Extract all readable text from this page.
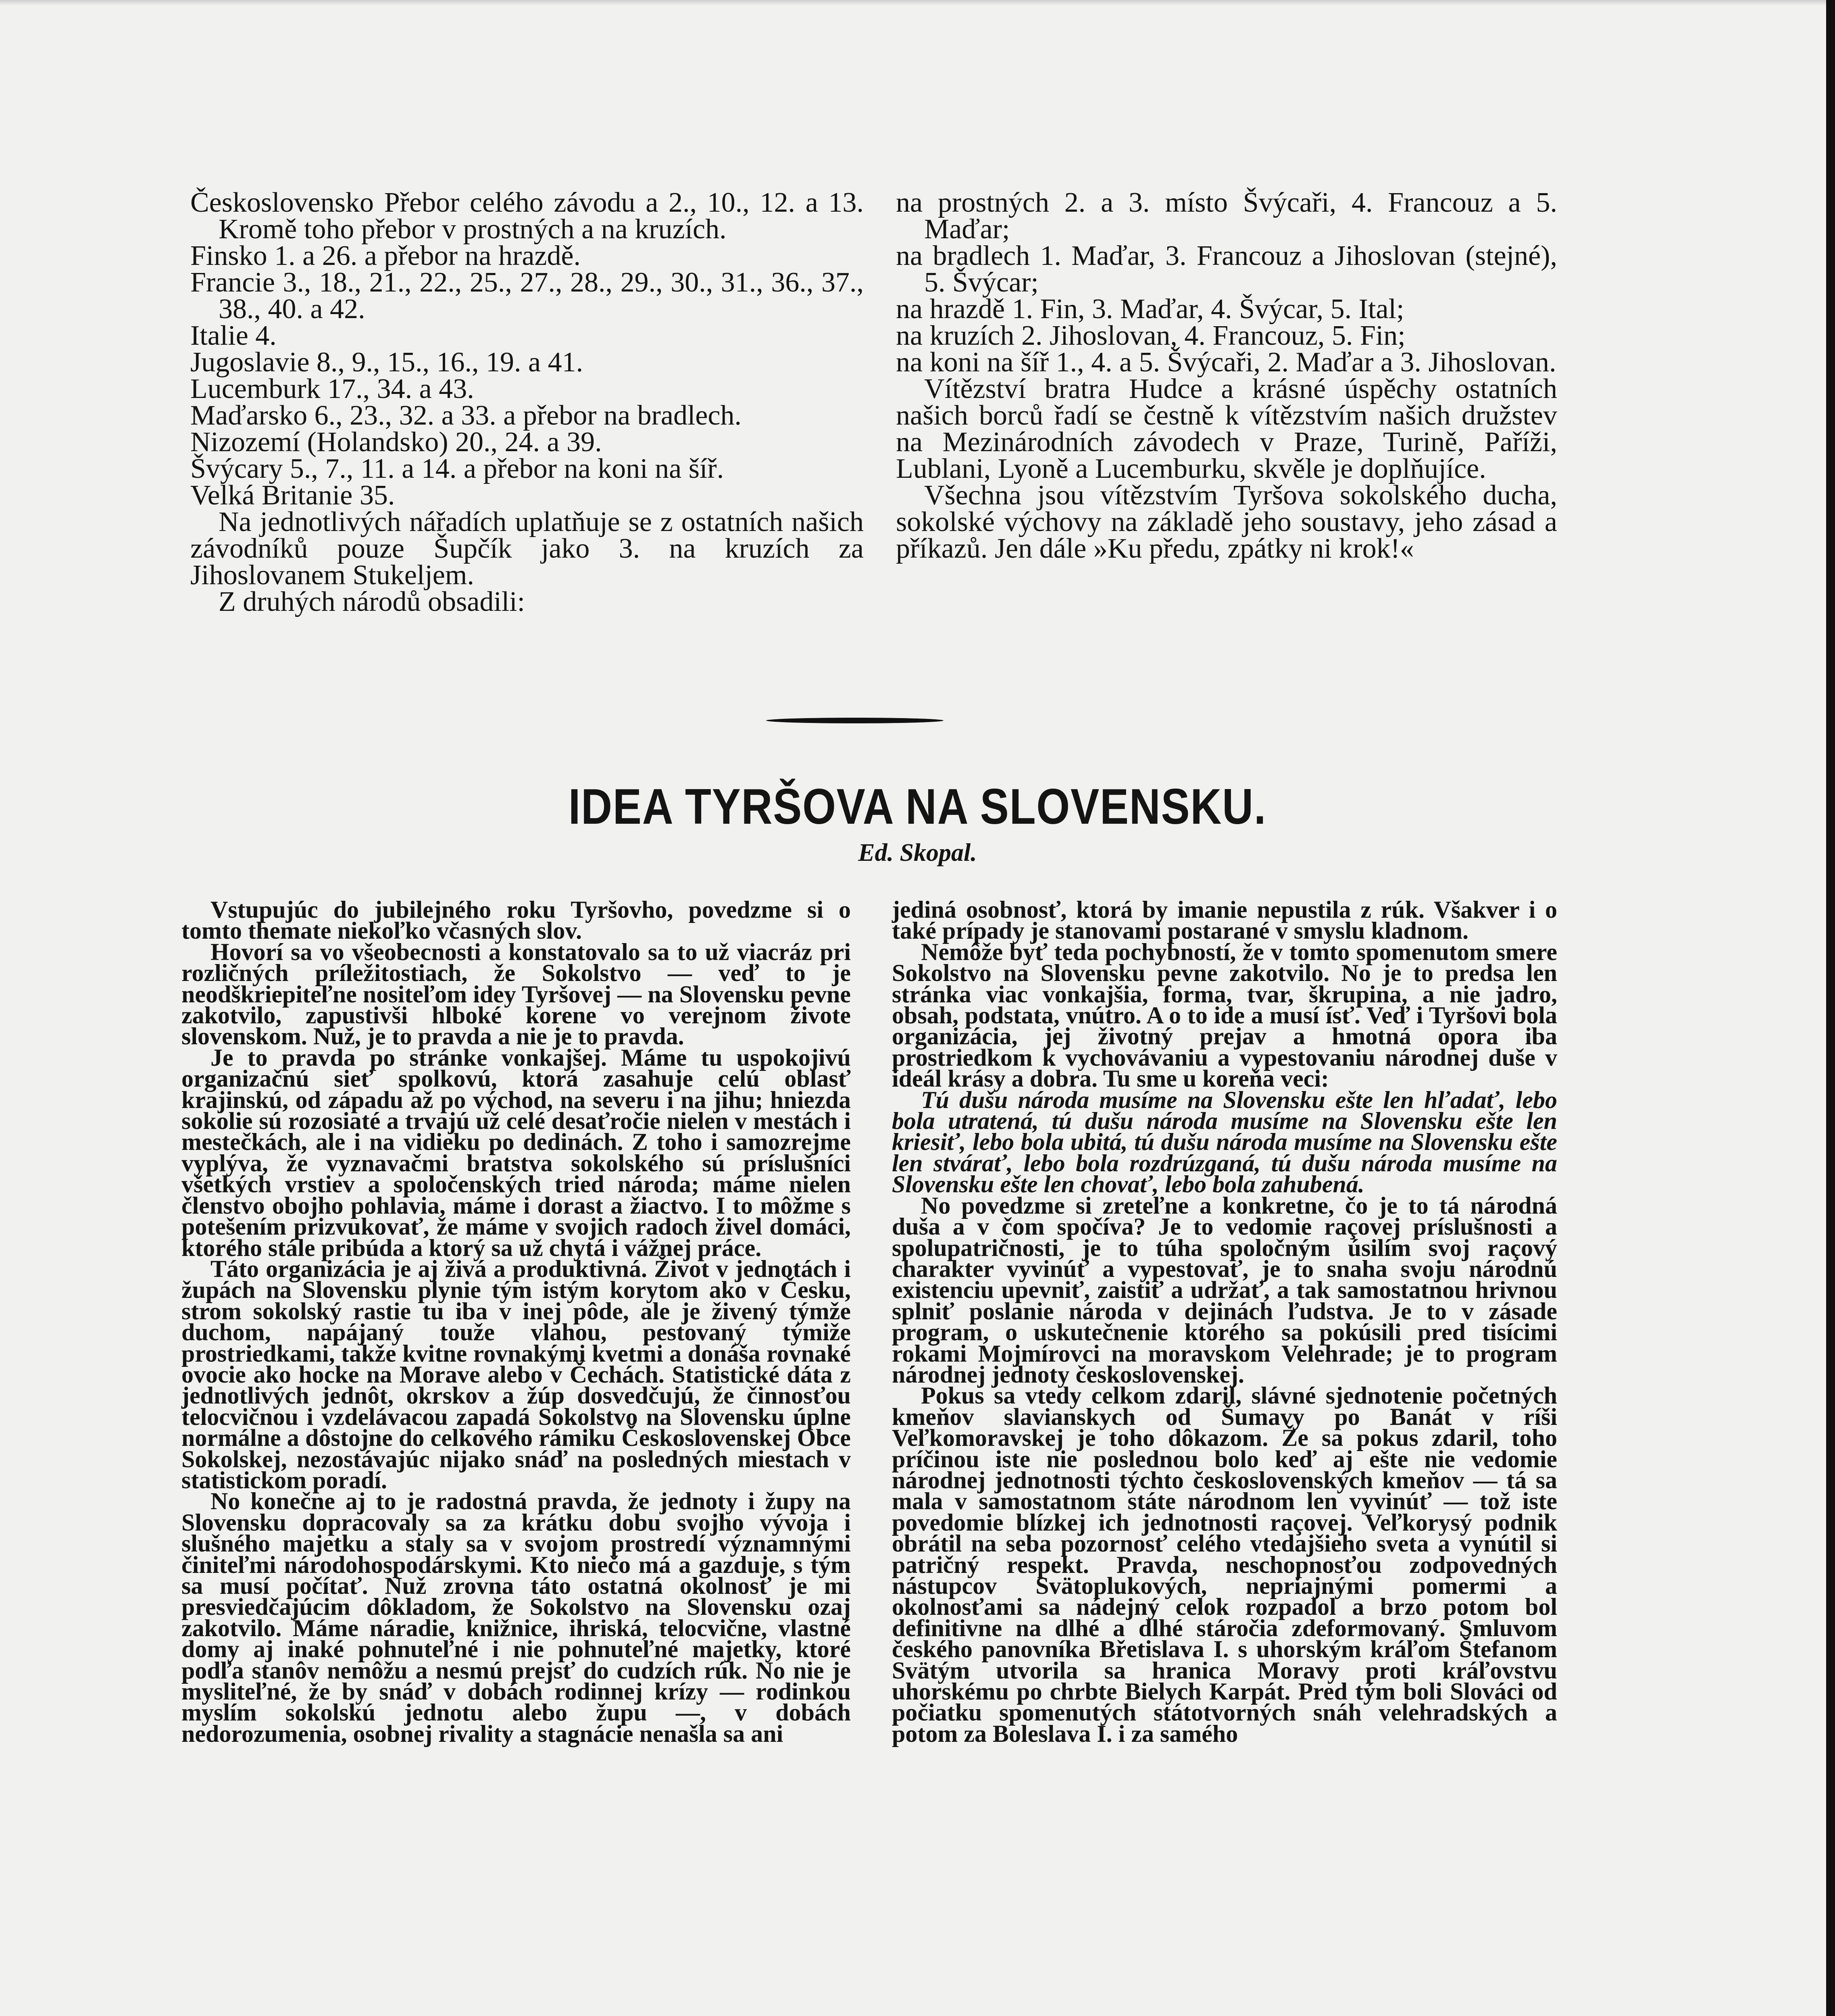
Československo Přebor celého závodu a 2., 10., 12. a 13. Kromě toho přebor v prostných a na kruzích.

Finsko 1. a 26. a přebor na hrazdě.

Francie 3., 18., 21., 22., 25., 27., 28., 29., 30., 31., 36., 37., 38., 40. a 42.

Italie 4.

Jugoslavie 8., 9., 15., 16., 19. a 41.

Lucemburk 17., 34. a 43.

Maďarsko 6., 23., 32. a 33. a přebor na bradlech.

Nizozemí (Holandsko) 20., 24. a 39.

Švýcary 5., 7., 11. a 14. a přebor na koni na šíř.

Velká Britanie 35.

Na jednotlivých nářadích uplatňuje se z ostatních našich závodníků pouze Šupčík jako 3. na kruzích za Jihoslovanem Stukeljem.

Z druhých národů obsadili:

na prostných 2. a 3. místo Švýcaři, 4. Francouz a 5. Maďar;

na bradlech 1. Maďar, 3. Francouz a Jihoslovan (stejné), 5. Švýcar;

na hrazdě 1. Fin, 3. Maďar, 4. Švýcar, 5. Ital;

na kruzích 2. Jihoslovan, 4. Francouz, 5. Fin;

na koni na šíř 1., 4. a 5. Švýcaři, 2. Maďar a 3. Jihoslovan.

Vítězství bratra Hudce a krásné úspěchy ostatních našich borců řadí se čestně k vítězstvím našich družstev na Mezinárodních závodech v Praze, Turině, Paříži, Lublani, Lyoně a Lucemburku, skvěle je doplňujíce.

Všechna jsou vítězstvím Tyršova sokolského ducha, sokolské výchovy na základě jeho soustavy, jeho zásad a příkazů. Jen dále »Ku předu, zpátky ni krok!«

IDEA TYRŠOVA NA SLOVENSKU.
Ed. Skopal.

Vstupujúc do jubilejného roku Tyršovho, povedzme si o tomto themate niekoľko včasných slov.

Hovorí sa vo všeobecnosti a konstatovalo sa to už viacráz pri rozličných príležitostiach, že Sokolstvo — veď to je neodškriepiteľne nositeľom idey Tyršovej — na Slovensku pevne zakotvilo, zapustivši hlboké korene vo verejnom živote slovenskom. Nuž, je to pravda a nie je to pravda.

Je to pravda po stránke vonkajšej. Máme tu uspokojivú organizačnú sieť spolkovú, ktorá zasahuje celú oblasť krajinskú, od západu až po východ, na severu i na jihu; hniezda sokolie sú rozosiaté a trvajú už celé desaťročie nielen v mestách i mestečkách, ale i na vidieku po dedinách. Z toho i samozrejme vyplýva, že vyznavačmi bratstva sokolského sú príslušníci všetkých vrstiev a spoločenských tried národa; máme nielen členstvo obojho pohlavia, máme i dorast a žiactvo. I to môžme s potešením prizvukovať, že máme v svojich radoch živel domáci, ktorého stále pribúda a ktorý sa už chytá i vážnej práce.

Táto organizácia je aj živá a produktivná. Život v jednotách i župách na Slovensku plynie tým istým korytom ako v Česku, strom sokolský rastie tu iba v inej pôde, ale je živený týmže duchom, napájaný touže vlahou, pestovaný týmiže prostriedkami, takže kvitne rovnakými kvetmi a donáša rovnaké ovocie ako hocke na Morave alebo v Čechách. Statistické dáta z jednotlivých jednôt, okrskov a žúp dosvedčujú, že činnosťou telocvičnou i vzdelávacou zapadá Sokolstvo na Slovensku úplne normálne a dôstojne do celkového rámiku Československej Obce Sokolskej, nezostávajúc nijako snáď na posledných miestach v statistickom poradí.

No konečne aj to je radostná pravda, že jednoty i župy na Slovensku dopracovaly sa za krátku dobu svojho vývoja i slušného majetku a staly sa v svojom prostredí významnými činiteľmi národohospodárskymi. Kto niečo má a gazduje, s tým sa musí počítať. Nuž zrovna táto ostatná okolnosť je mi presviedčajúcim dôkladom, že Sokolstvo na Slovensku ozaj zakotvilo. Máme náradie, knižnice, ihriská, telocvične, vlastné domy aj inaké pohnuteľné i nie pohnuteľné majetky, ktoré podľa stanôv nemôžu a nesmú prejsť do cudzích rúk. No nie je mysliteľné, že by snáď v dobách rodinnej krízy — rodinkou myslím sokolskú jednotu alebo župu —, v dobách nedorozumenia, osobnej rivality a stagnácie nenašla sa ani

jediná osobnosť, ktorá by imanie nepustila z rúk. Všakver i o také prípady je stanovami postarané v smyslu kladnom.

Nemôže byť teda pochybností, že v tomto spomenutom smere Sokolstvo na Slovensku pevne zakotvilo. No je to predsa len stránka viac vonkajšia, forma, tvar, škrupina, a nie jadro, obsah, podstata, vnútro. A o to ide a musí ísť. Veď i Tyršovi bola organizácia, jej životný prejav a hmotná opora iba prostriedkom k vychovávaniu a vypestovaniu národnej duše v ideál krásy a dobra. Tu sme u koreňa veci:

Tú dušu národa musíme na Slovensku ešte len hľadať, lebo bola utratená, tú dušu národa musíme na Slovensku ešte len kriesiť, lebo bola ubitá, tú dušu národa musíme na Slovensku ešte len stvárať, lebo bola rozdrúzganá, tú dušu národa musíme na Slovensku ešte len chovať, lebo bola zahubená.

No povedzme si zreteľne a konkretne, čo je to tá národná duša a v čom spočíva? Je to vedomie raçovej príslušnosti a spolupatričnosti, je to túha spoločným úsilím svoj raçový charakter vyvinúť a vypestovať, je to snaha svoju národnú existenciu upevniť, zaistiť a udržať, a tak samostatnou hrivnou splniť poslanie národa v dejinách ľudstva. Je to v zásade program, o uskutečnenie ktorého sa pokúsili pred tisícimi rokami Mojmírovci na moravskom Velehrade; je to program národnej jednoty československej.

Pokus sa vtedy celkom zdaril, slávné sjednotenie početných kmeňov slavianskych od Šumavy po Banát v ríši Veľkomoravskej je toho dôkazom. Že sa pokus zdaril, toho príčinou iste nie poslednou bolo keď aj ešte nie vedomie národnej jednotnosti týchto československých kmeňov — tá sa mala v samostatnom státe národnom len vyvinúť — tož iste povedomie blízkej ich jednotnosti raçovej. Veľkorysý podnik obrátil na seba pozornosť celého vtedajšieho sveta a vynútil si patričný respekt. Pravda, neschopnosťou zodpovedných nástupcov Svätoplukových, nepriajnými pomermi a okolnosťami sa nádejný celok rozpadol a brzo potom bol definitivne na dlhé a dlhé stáročia zdeformovaný. Smluvom českého panovníka Břetislava I. s uhorským kráľom Štefanom Svätým utvorila sa hranica Moravy proti kráľovstvu uhorskému po chrbte Bielych Karpát. Pred tým boli Slováci od počiatku spomenutých státotvorných snáh velehradských a potom za Boleslava I. i za samého
